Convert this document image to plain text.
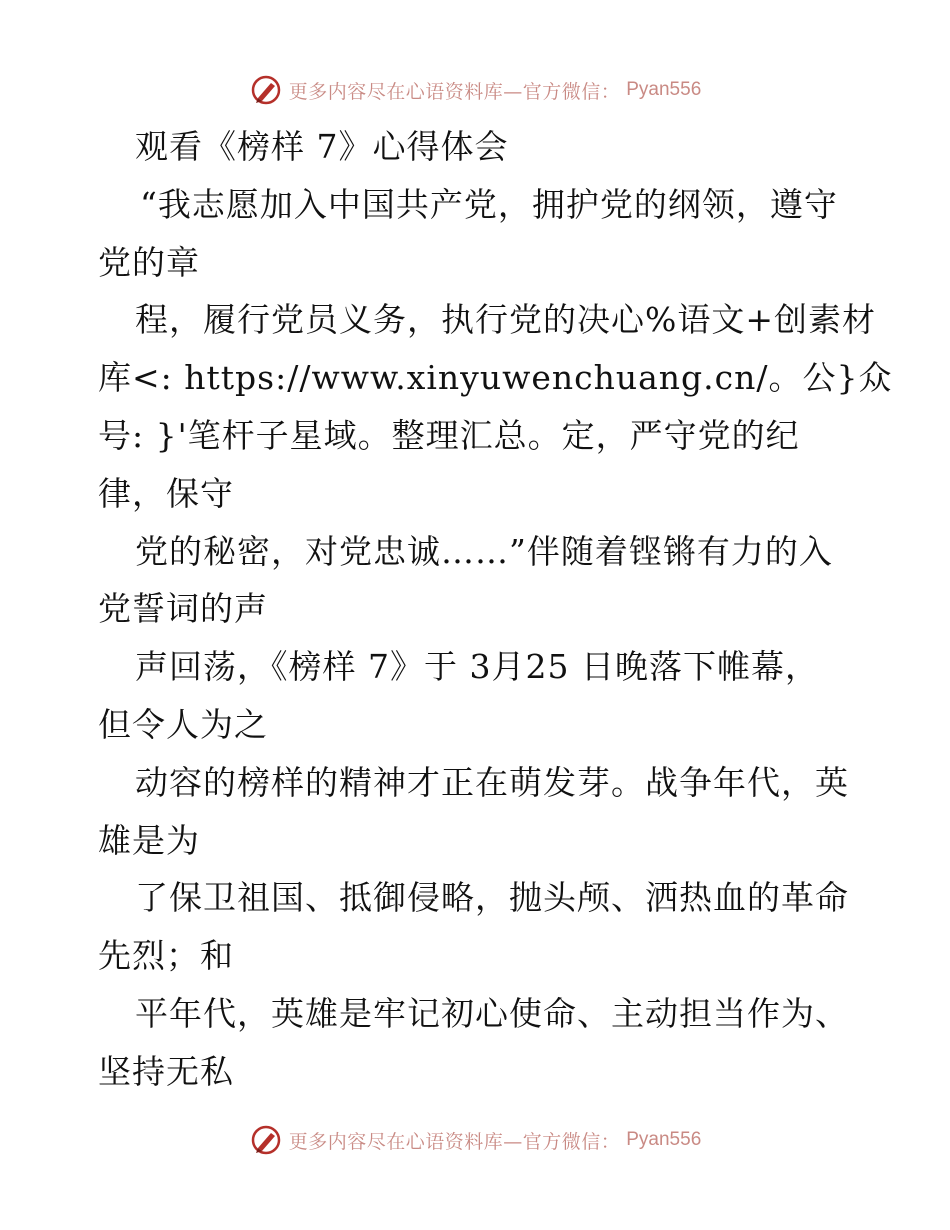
更多内容尽在心语资料库—官方微信： Pyan556
观看《榜样 7》心得体会
“我志愿加入中国共产党，拥护党的纲领，遵守
党的章
程，履行党员义务，执行党的决心%语文+创素材
库<: https://www.xinyuwenchuang.cn/。公}众
号: }'笔杆子星域。整理汇总。定，严守党的纪
律，保守
党的秘密，对党忠诚……”伴随着铿锵有力的入
党誓词的声
声回荡，《榜样 7》于 3月25 日晚落下帷幕，
但令人为之
动容的榜样的精神才正在萌发芽。战争年代，英
雄是为
了保卫祖国、抵御侵略，抛头颅、洒热血的革命
先烈；和
平年代，英雄是牢记初心使命、主动担当作为、
坚持无私
更多内容尽在心语资料库—官方微信： Pyan556
